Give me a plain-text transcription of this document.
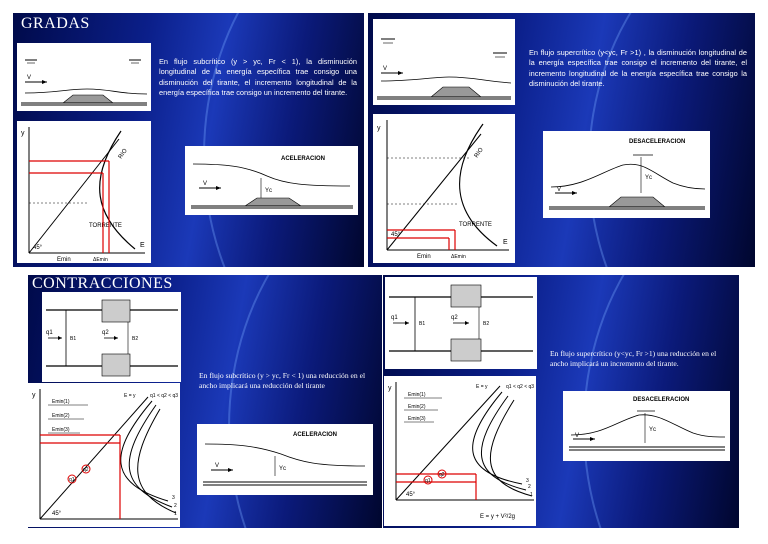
GRADAS
En flujo subcrítico (y > yc, Fr < 1), la disminución longitudinal de la energía específica trae consigo una disminución del tirante, el incremento longitudinal de la energía específica trae consigo un incremento del tirante.
V
y
E
RIO
TORRENTE
45°
Emin	ΔEmin
ACELERACION
V
Yc
En flujo supercrítico (y<yc, Fr >1) , la disminución longitudinal de la energía específica trae consigo el incremento del tirante, el incremento longitudinal de la energía específica trae consigo la disminución del tirante.
V
y
E
RIO
TORRENTE
45°
Emin	ΔEmin
DESACELERACION
V
Yc
CONTRACCIONES
En flujo subcrítico (y > yc, Fr < 1) una reducción en el ancho implicará una reducción del tirante
q1
B1
q2
B2
y	E = y	q1 < q2 < q3
3
2
1
Emin(1)
Emin(2)
Emin(3)
q1
q2
45°
ACELERACION
V	Yc
En flujo supercrítico (y<yc, Fr >1) una reducción en el ancho implicará un incremento del tirante.
q1
B1
q2
B2
y	E = y	q1 < q2 < q3
3
2
1
Emin(1)
Emin(2)
Emin(3)
q1
q2
45°
E = y + V²/2g
DESACELERACION
V
Yc
